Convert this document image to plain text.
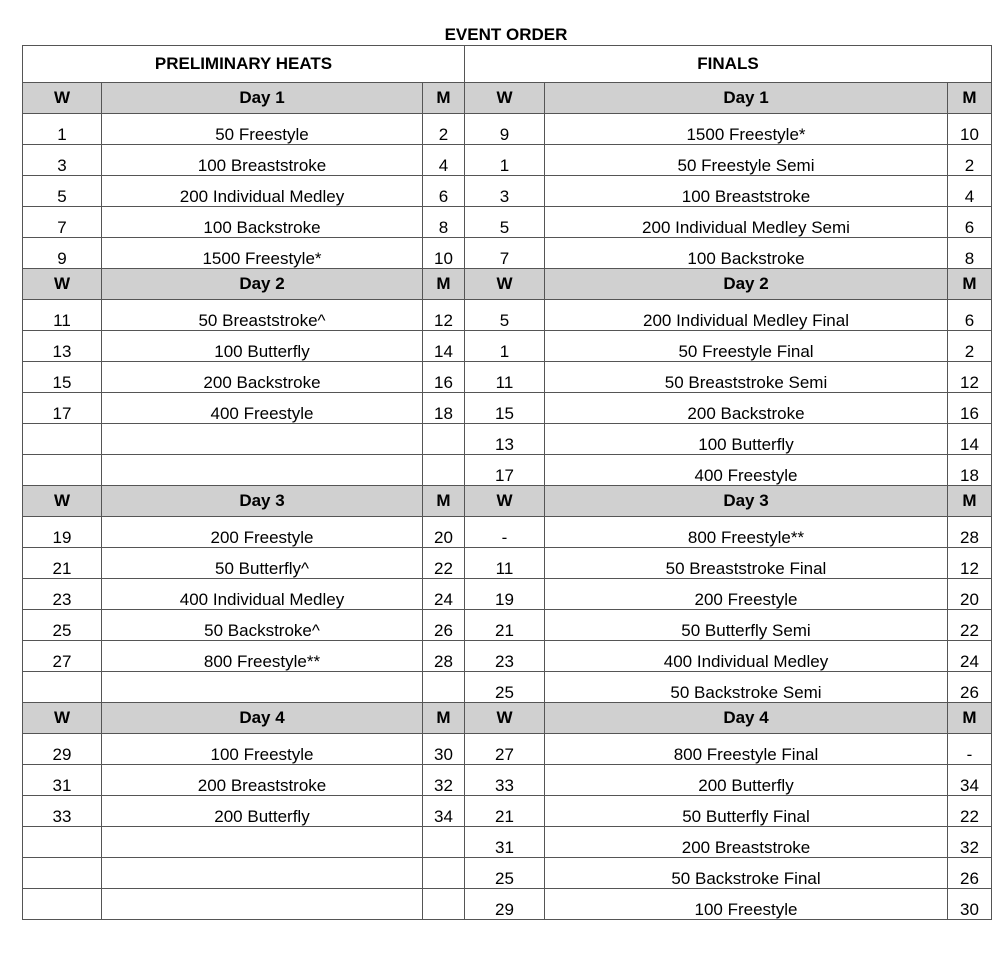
EVENT ORDER
PRELIMINARY HEATS			FINALS		
W	Day 1	M	W	Day 1	M
1	50 Freestyle	2	9	1500 Freestyle*	10
3	100 Breaststroke	4	1	50 Freestyle Semi	2
5	200 Individual Medley	6	3	100 Breaststroke	4
7	100 Backstroke	8	5	200 Individual Medley Semi	6
9	1500 Freestyle*	10	7	100 Backstroke	8
W	Day 2	M	W	Day 2	M
11	50 Breaststroke^	12	5	200 Individual Medley Final	6
13	100 Butterfly	14	1	50 Freestyle Final	2
15	200 Backstroke	16	11	50 Breaststroke Semi	12
17	400 Freestyle	18	15	200 Backstroke	16
			13	100 Butterfly	14
			17	400 Freestyle	18
W	Day 3	M	W	Day 3	M
19	200 Freestyle	20	-	800 Freestyle**	28
21	50 Butterfly^	22	11	50 Breaststroke Final	12
23	400 Individual Medley	24	19	200 Freestyle	20
25	50 Backstroke^	26	21	50 Butterfly Semi	22
27	800 Freestyle**	28	23	400 Individual Medley	24
			25	50 Backstroke Semi	26
W	Day 4	M	W	Day 4	M
29	100 Freestyle	30	27	800 Freestyle Final	-
31	200 Breaststroke	32	33	200 Butterfly	34
33	200 Butterfly	34	21	50 Butterfly Final	22
			31	200 Breaststroke	32
			25	50 Backstroke Final	26
			29	100 Freestyle	30
